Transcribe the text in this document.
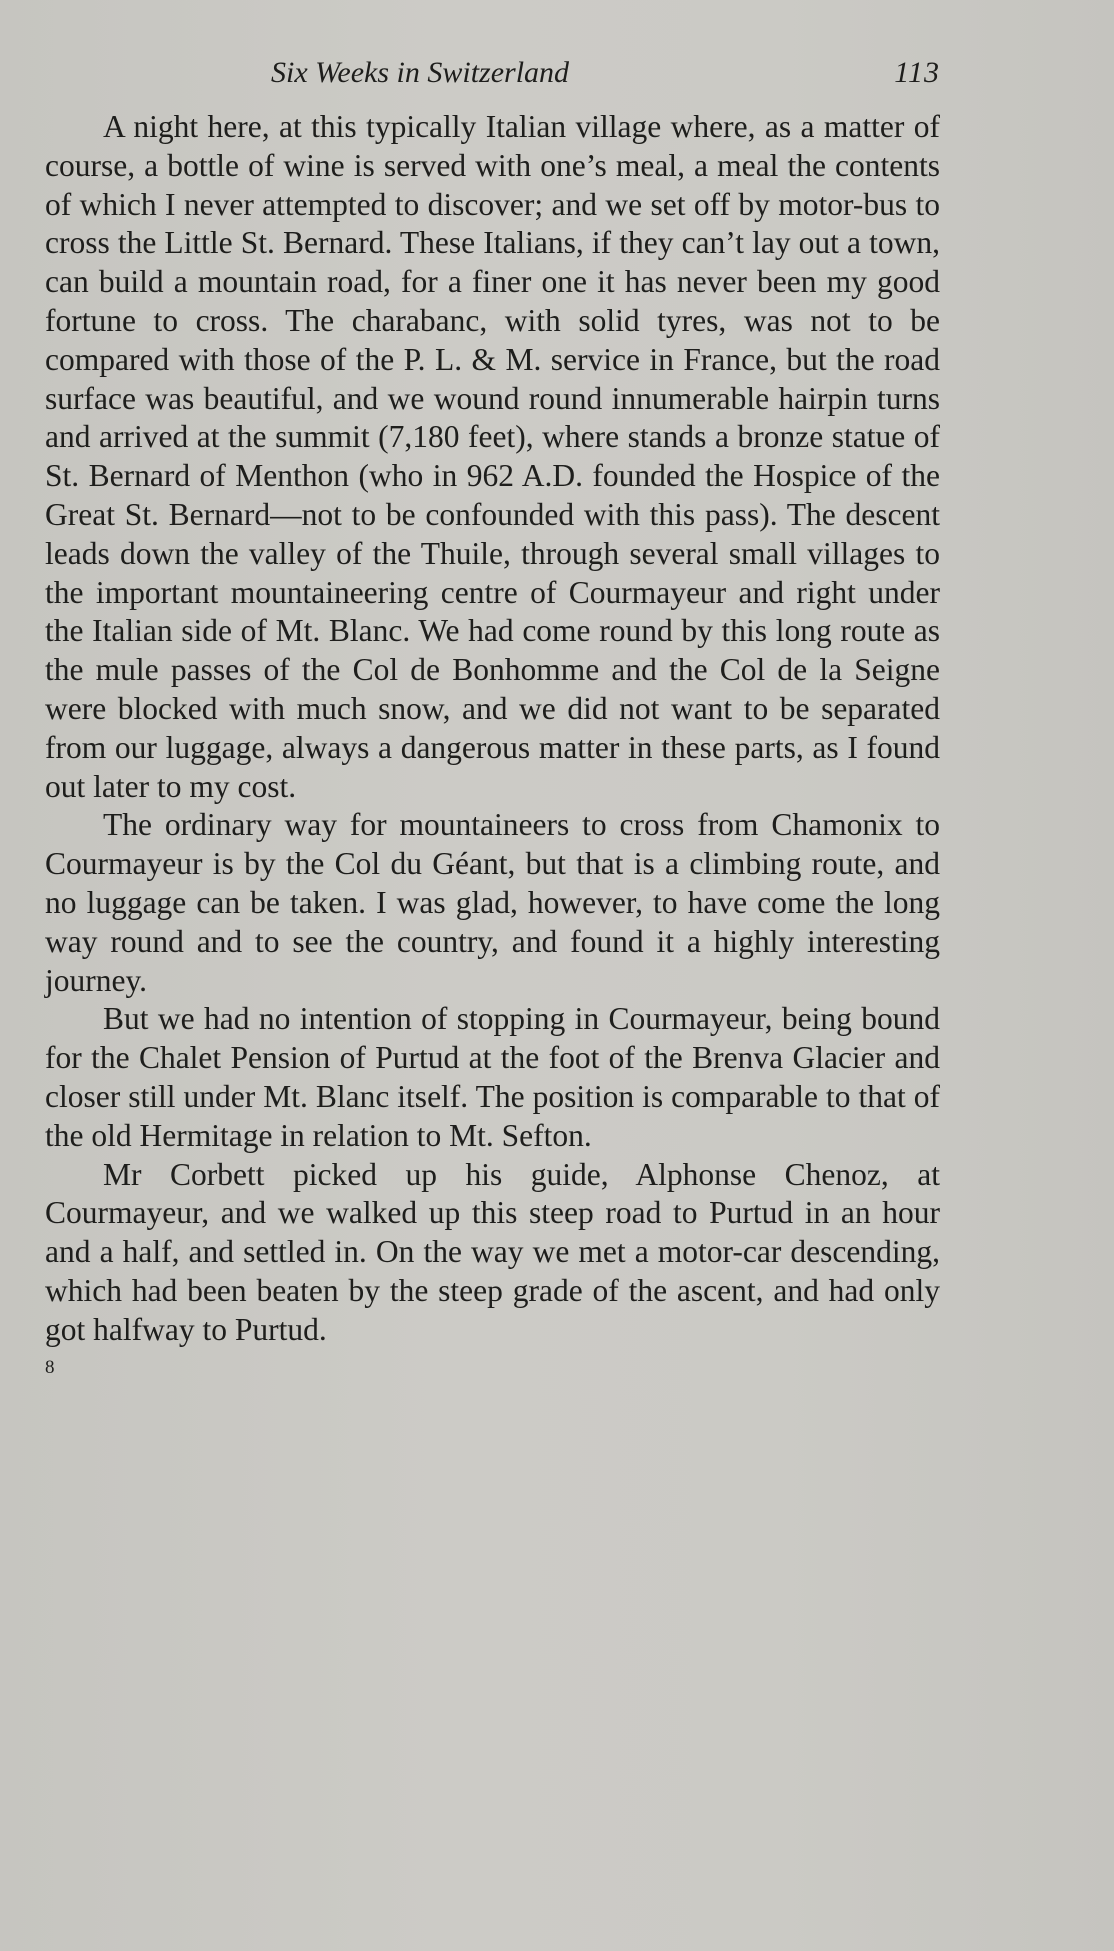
Six Weeks in Switzerland	113

A night here, at this typically Italian village where, as a matter of course, a bottle of wine is served with one’s meal, a meal the contents of which I never attempted to discover; and we set off by motor-bus to cross the Little St. Bernard. These Italians, if they can’t lay out a town, can build a mountain road, for a finer one it has never been my good fortune to cross. The charabanc, with solid tyres, was not to be compared with those of the P. L. & M. service in France, but the road surface was beautiful, and we wound round innumerable hairpin turns and arrived at the summit (7,180 feet), where stands a bronze statue of St. Bernard of Menthon (who in 962 A.D. founded the Hospice of the Great St. Bernard—not to be confounded with this pass). The descent leads down the valley of the Thuile, through several small villages to the important mountaineering centre of Courmayeur and right under the Italian side of Mt. Blanc. We had come round by this long route as the mule passes of the Col de Bonhomme and the Col de la Seigne were blocked with much snow, and we did not want to be separated from our luggage, always a dangerous matter in these parts, as I found out later to my cost.

The ordinary way for mountaineers to cross from Chamonix to Courmayeur is by the Col du Géant, but that is a climbing route, and no luggage can be taken. I was glad, however, to have come the long way round and to see the country, and found it a highly interesting journey.

But we had no intention of stopping in Courmayeur, being bound for the Chalet Pension of Purtud at the foot of the Brenva Glacier and closer still under Mt. Blanc itself. The position is comparable to that of the old Hermitage in relation to Mt. Sefton.

Mr Corbett picked up his guide, Alphonse Chenoz, at Courmayeur, and we walked up this steep road to Purtud in an hour and a half, and settled in. On the way we met a motor-car descending, which had been beaten by the steep grade of the ascent, and had only got halfway to Purtud.

8
